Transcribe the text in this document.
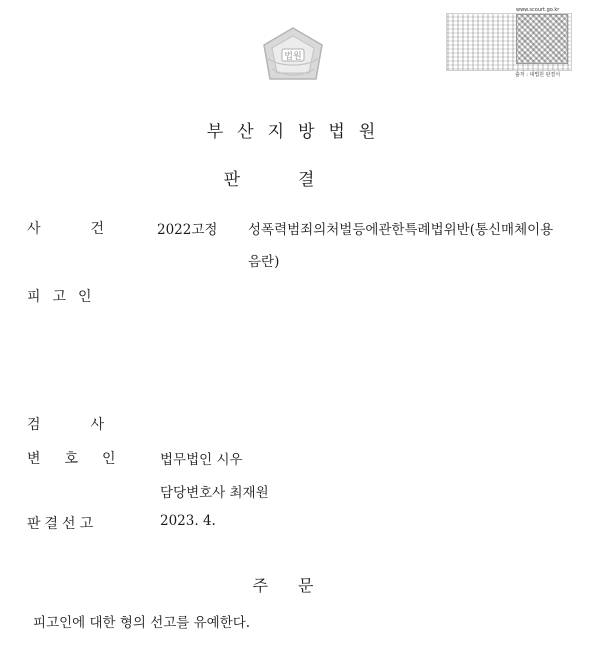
법원
www.scourt.go.kr
출처 : 대법원 판결서
부산지방법원
판결
사건 2022고정 성폭력범죄의처벌등에관한특례법위반(통신매체이용
음란)
피고인
검사
변호인 법무법인 시우
담당변호사 최재원
판결선고	2023. 4.
주문
피고인에 대한 형의 선고를 유예한다.
